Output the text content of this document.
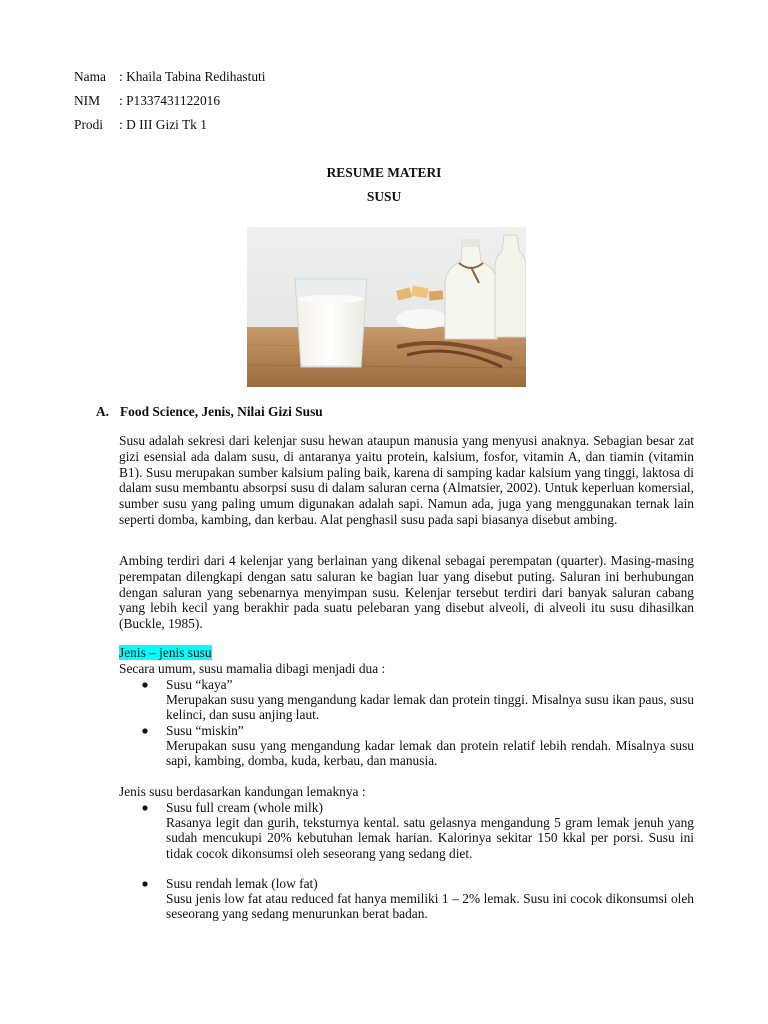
Nama : Khaila Tabina Redihastuti
NIM	: P1337431122016
Prodi	: D III Gizi Tk 1
RESUME MATERI
SUSU
A. Food Science, Jenis, Nilai Gizi Susu

Susu adalah sekresi dari kelenjar susu hewan ataupun manusia yang menyusi anaknya. Sebagian besar zat gizi esensial ada dalam susu, di antaranya yaitu protein, kalsium, fosfor, vitamin A, dan tiamin (vitamin B1). Susu merupakan sumber kalsium paling baik, karena di samping kadar kalsium yang tinggi, laktosa di dalam susu membantu absorpsi susu di dalam saluran cerna (Almatsier, 2002). Untuk keperluan komersial, sumber susu yang paling umum digunakan adalah sapi. Namun ada, juga yang menggunakan ternak lain seperti domba, kambing, dan kerbau. Alat penghasil susu pada sapi biasanya disebut ambing.

Ambing terdiri dari 4 kelenjar yang berlainan yang dikenal sebagai perempatan (quarter). Masing-masing perempatan dilengkapi dengan satu saluran ke bagian luar yang disebut puting. Saluran ini berhubungan dengan saluran yang sebenarnya menyimpan susu. Kelenjar tersebut terdiri dari banyak saluran cabang yang lebih kecil yang berakhir pada suatu pelebaran yang disebut alveoli, di alveoli itu susu dihasilkan (Buckle, 1985).

Jenis – jenis susu
Secara umum, susu mamalia dibagi menjadi dua :
Susu “kaya”

Merupakan susu yang mengandung kadar lemak dan protein tinggi. Misalnya susu ikan paus, susu kelinci, dan susu anjing laut.

Susu “miskin”

Merupakan susu yang mengandung kadar lemak dan protein relatif lebih rendah. Misalnya susu sapi, kambing, domba, kuda, kerbau, dan manusia.

Jenis susu berdasarkan kandungan lemaknya :
Susu full cream (whole milk)

Rasanya legit dan gurih, teksturnya kental. satu gelasnya mengandung 5 gram lemak jenuh yang sudah mencukupi 20% kebutuhan lemak harian. Kalorinya sekitar 150 kkal per porsi. Susu ini tidak cocok dikonsumsi oleh seseorang yang sedang diet.

Susu rendah lemak (low fat)

Susu jenis low fat atau reduced fat hanya memiliki 1 – 2% lemak. Susu ini cocok dikonsumsi oleh seseorang yang sedang menurunkan berat badan.
